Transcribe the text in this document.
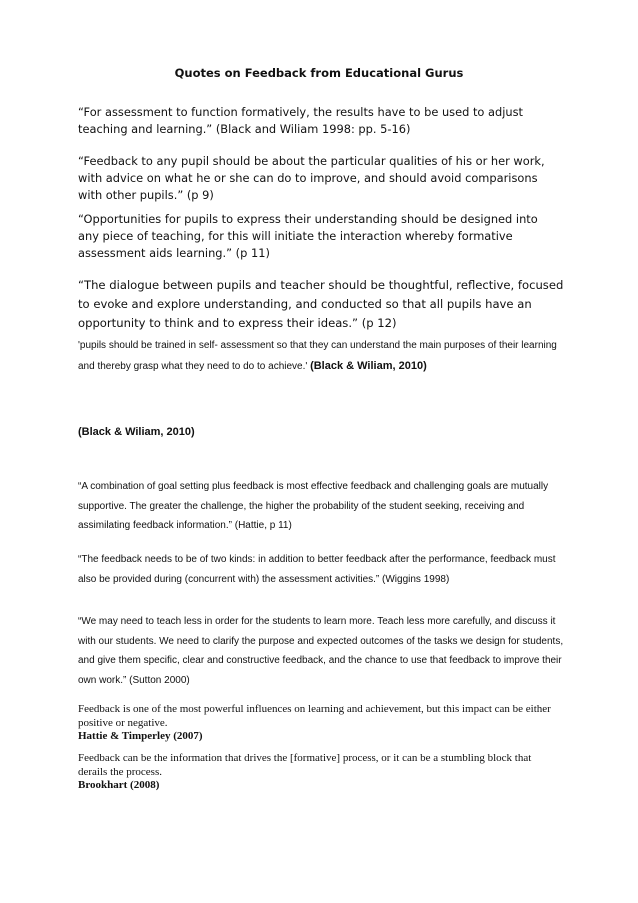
Quotes on Feedback from Educational Gurus

“For assessment to function formatively, the results have to be used to adjust teaching and learning.” (Black and Wiliam 1998: pp. 5-16)

“Feedback to any pupil should be about the particular qualities of his or her work, with advice on what he or she can do to improve, and should avoid comparisons with other pupils.” (p 9)

“Opportunities for pupils to express their understanding should be designed into any piece of teaching, for this will initiate the interaction whereby formative assessment aids learning.” (p 11)

“The dialogue between pupils and teacher should be thoughtful, reflective, focused to evoke and explore understanding, and conducted so that all pupils have an opportunity to think and to express their ideas.” (p 12)

'pupils should be trained in self- assessment so that they can understand the main purposes of their learning and thereby grasp what they need to do to achieve.' (Black & Wiliam, 2010)

(Black & Wiliam, 2010)

“A combination of goal setting plus feedback is most effective feedback and challenging goals are mutually supportive. The greater the challenge, the higher the probability of the student seeking, receiving and assimilating feedback information.” (Hattie, p 11)

“The feedback needs to be of two kinds: in addition to better feedback after the performance, feedback must also be provided during (concurrent with) the assessment activities.” (Wiggins 1998)

“We may need to teach less in order for the students to learn more. Teach less more carefully, and discuss it with our students. We need to clarify the purpose and expected outcomes of the tasks we design for students, and give them specific, clear and constructive feedback, and the chance to use that feedback to improve their own work.” (Sutton 2000)

Feedback is one of the most powerful influences on learning and achievement, but this impact can be either positive or negative.
Hattie & Timperley (2007)

Feedback can be the information that drives the [formative] process, or it can be a stumbling block that derails the process.
Brookhart (2008)
